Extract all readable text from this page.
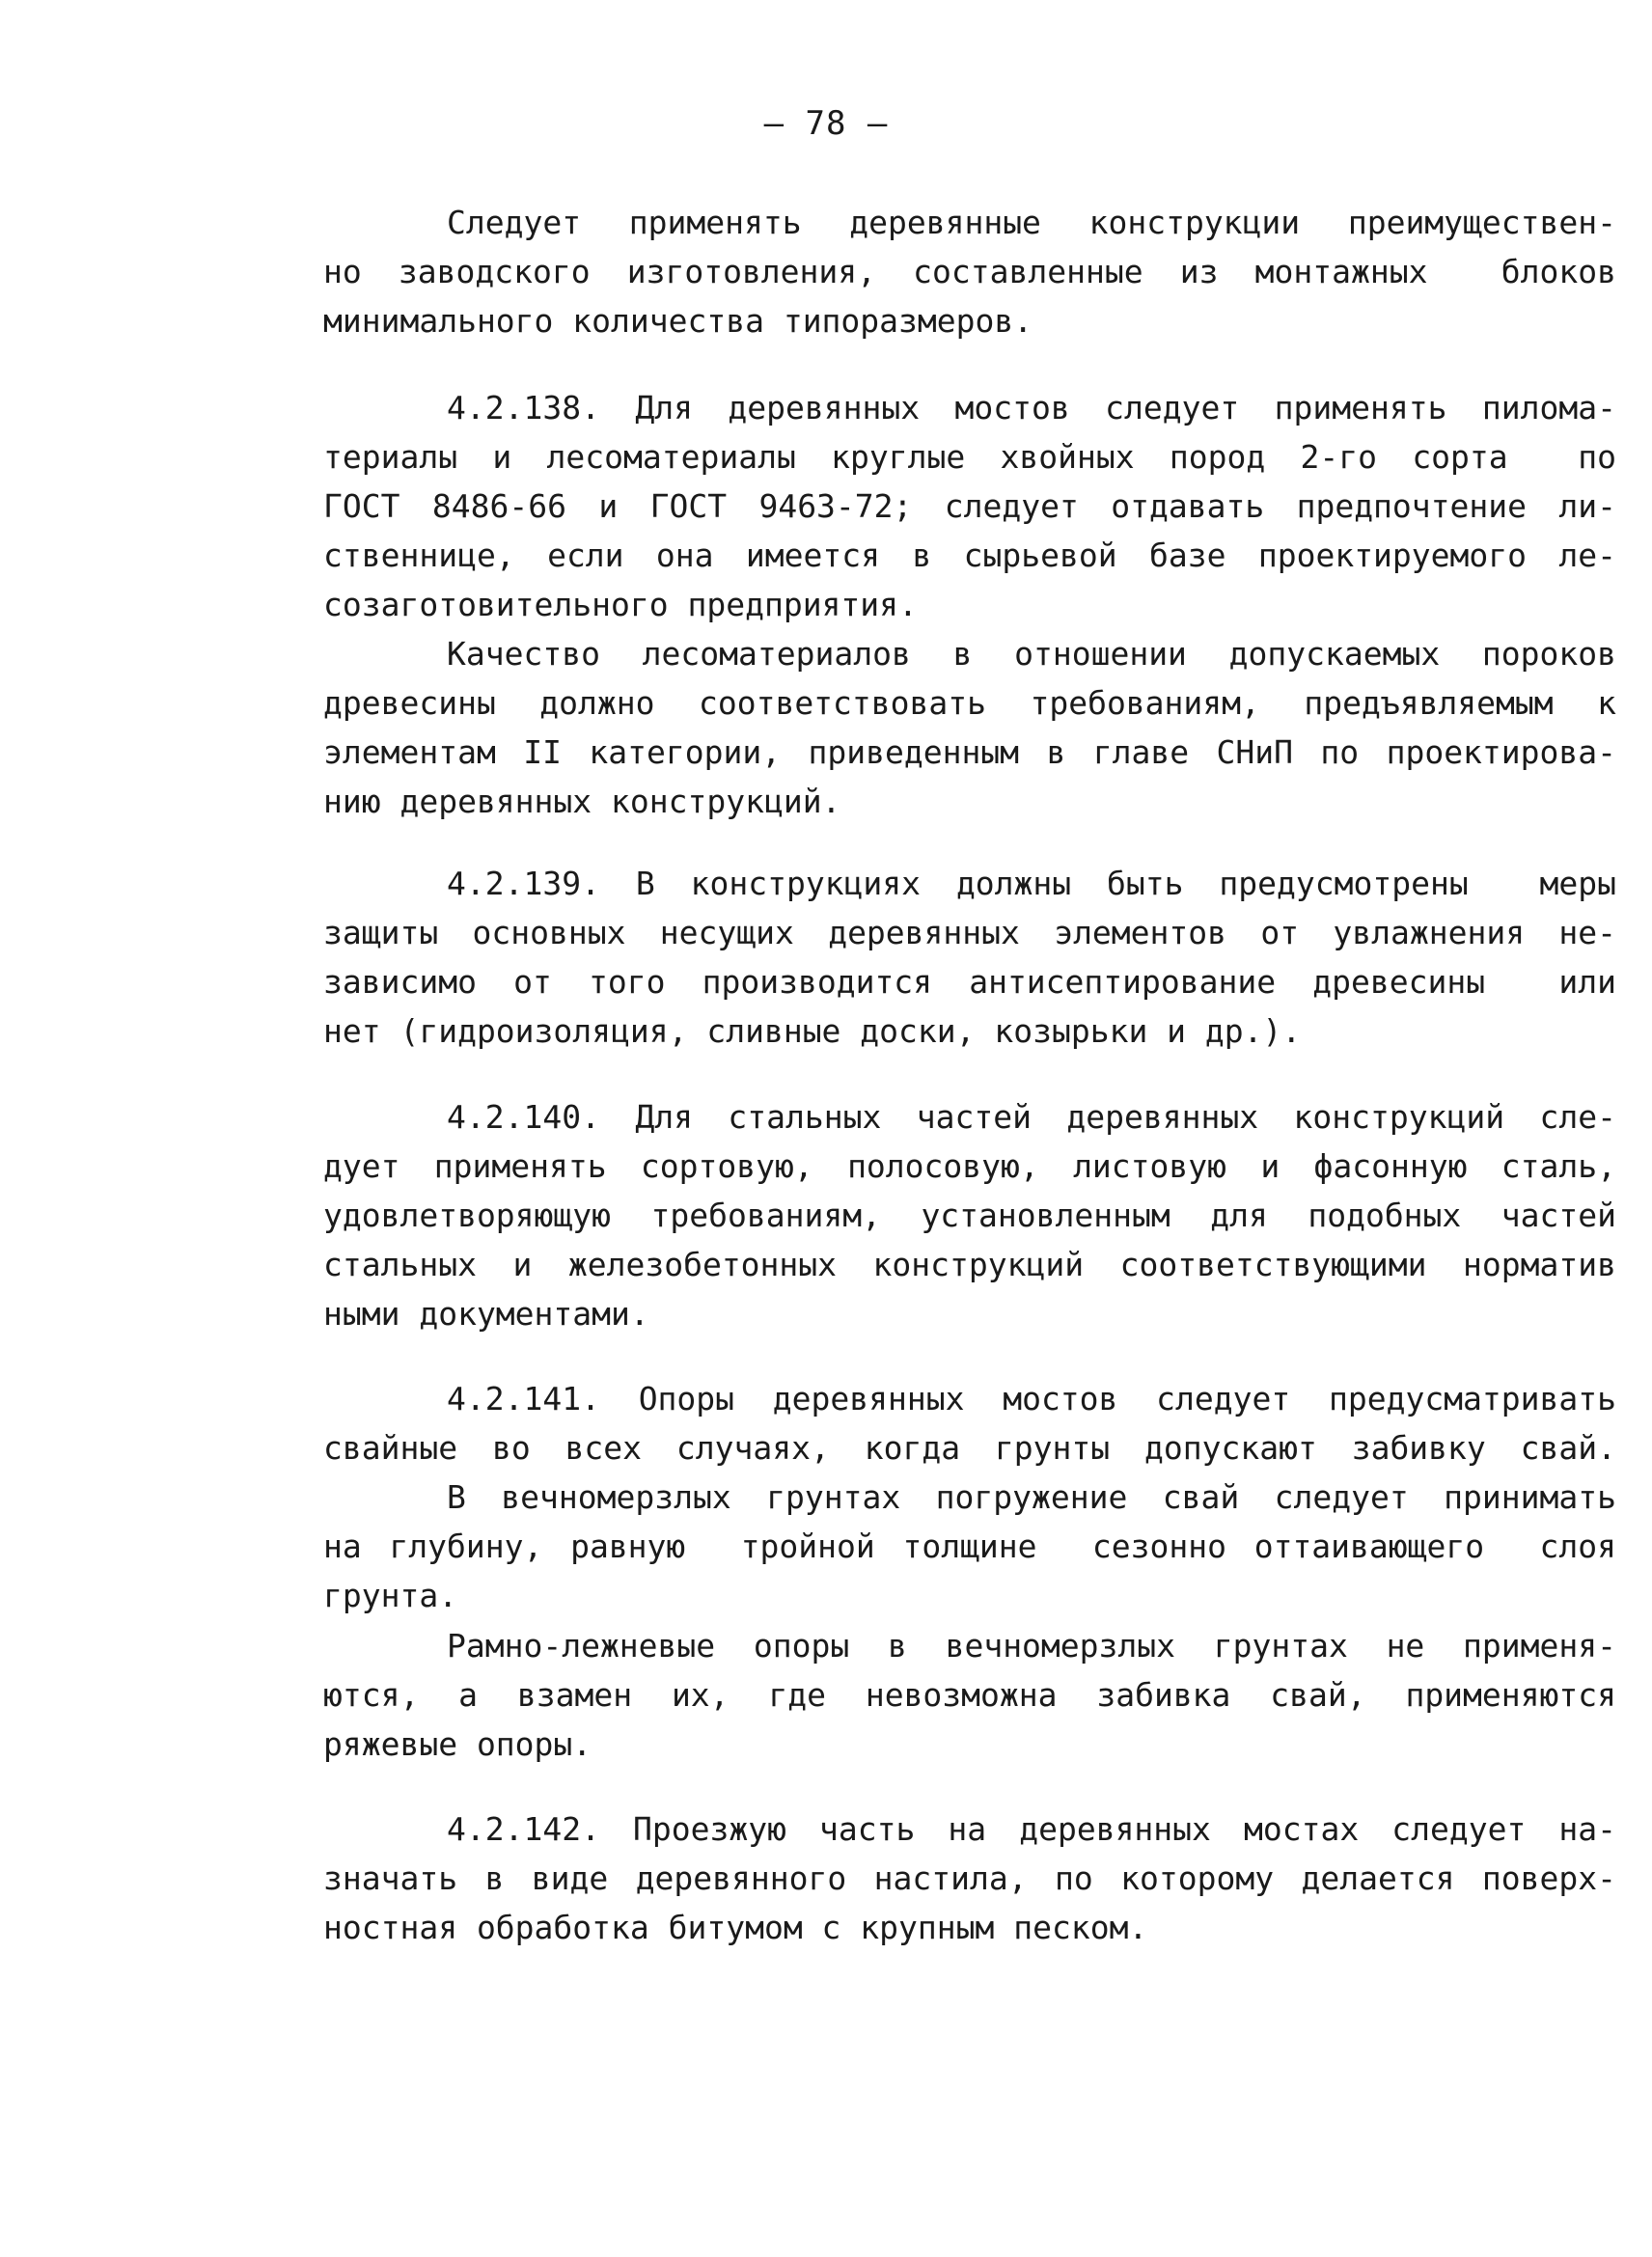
— 78 —
Следует применять деревянные конструкции преимуществен-
но заводского изготовления, составленные из монтажных  блоков
минимального количества типоразмеров.
4.2.138. Для деревянных мостов следует применять пилома-
териалы и лесоматериалы круглые хвойных пород 2-го сорта  по
ГОСТ 8486-66 и ГОСТ 9463-72; следует отдавать предпочтение ли-
ственнице, если она имеется в сырьевой базе проектируемого ле-
созаготовительного предприятия.
Качество лесоматериалов в отношении допускаемых пороков
древесины должно соответствовать требованиям, предъявляемым к
элементам II категории, приведенным в главе СНиП по проектирова-
нию деревянных конструкций.
4.2.139. В конструкциях должны быть предусмотрены  меры
защиты основных несущих деревянных элементов от увлажнения не-
зависимо от того производится антисептирование древесины  или
нет (гидроизоляция, сливные доски, козырьки и др.).
4.2.140. Для стальных частей деревянных конструкций сле-
дует применять сортовую, полосовую, листовую и фасонную сталь,
удовлетворяющую требованиям, установленным для подобных частей
стальных и железобетонных конструкций соответствующими норматив
ными документами.
4.2.141. Опоры деревянных мостов следует предусматривать
свайные во всех случаях, когда грунты допускают забивку свай.
В вечномерзлых грунтах погружение свай следует принимать
на глубину, равную  тройной толщине  сезонно оттаивающего  слоя
грунта.
Рамно-лежневые опоры в вечномерзлых грунтах не применя-
ются, а взамен их, где невозможна забивка свай, применяются
ряжевые опоры.
4.2.142. Проезжую часть на деревянных мостах следует на-
значать в виде деревянного настила, по которому делается поверх-
ностная обработка битумом с крупным песком.
